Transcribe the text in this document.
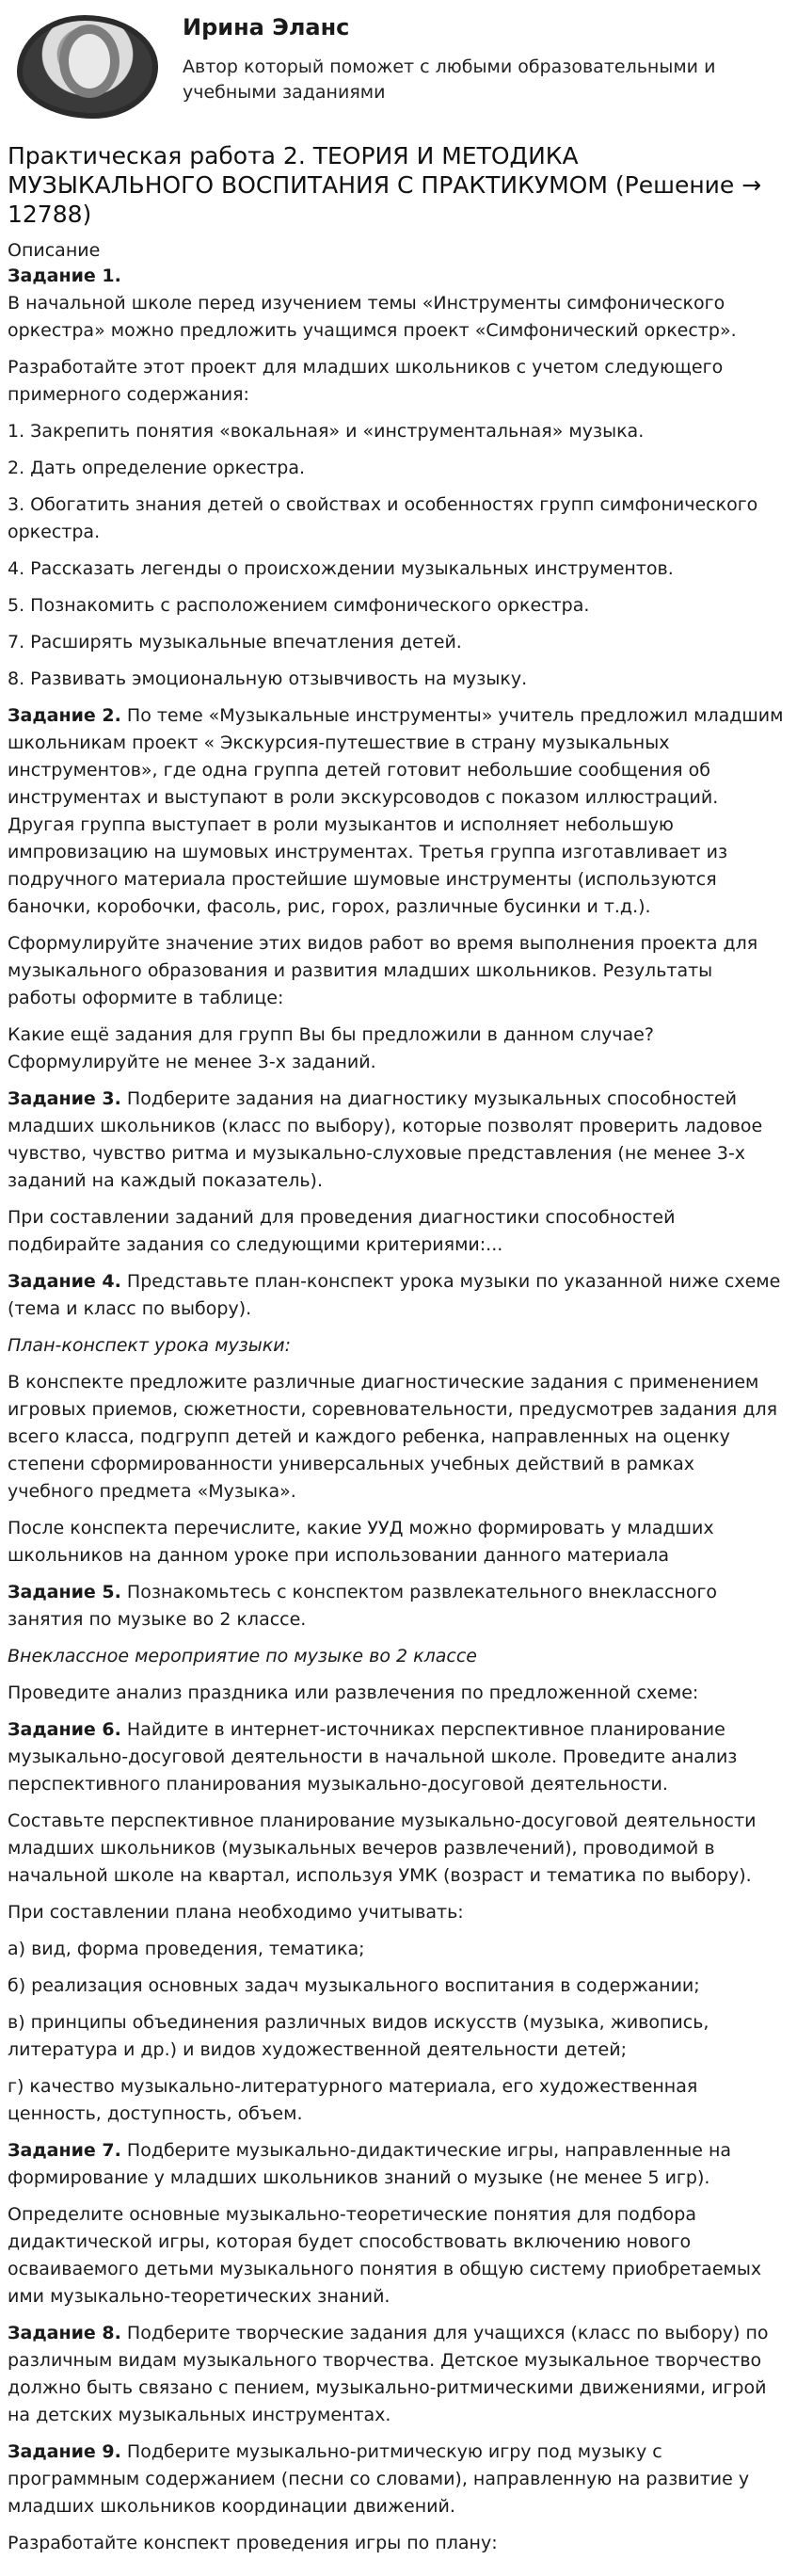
Ирина Эланс
Автор который поможет с любыми образовательными и учебными заданиями
Практическая работа 2. ТЕОРИЯ И МЕТОДИКА МУЗЫКАЛЬНОГО ВОСПИТАНИЯ С ПРАКТИКУМОМ (Решение → 12788)
Описание

Задание 1.

В начальной школе перед изучением темы «Инструменты симфонического оркестра» можно предложить учащимся проект «Симфонический оркестр».

Разработайте этот проект для младших школьников с учетом следующего примерного содержания:

1. Закрепить понятия «вокальная» и «инструментальная» музыка.

2. Дать определение оркестра.

3. Обогатить знания детей о свойствах и особенностях групп симфонического оркестра.

4. Рассказать легенды о происхождении музыкальных инструментов.

5. Познакомить с расположением симфонического оркестра.

7. Расширять музыкальные впечатления детей.

8. Развивать эмоциональную отзывчивость на музыку.

Задание 2. По теме «Музыкальные инструменты» учитель предложил младшим школьникам проект « Экскурсия-путешествие в страну музыкальных инструментов», где одна группа детей готовит небольшие сообщения об инструментах и выступают в роли экскурсоводов с показом иллюстраций. Другая группа выступает в роли музыкантов и исполняет небольшую импровизацию на шумовых инструментах. Третья группа изготавливает из подручного материала простейшие шумовые инструменты (используются баночки, коробочки, фасоль, рис, горох, различные бусинки и т.д.).

Сформулируйте значение этих видов работ во время выполнения проекта для музыкального образования и развития младших школьников. Результаты работы оформите в таблице:

Какие ещё задания для групп Вы бы предложили в данном случае? Сформулируйте не менее 3-х заданий.

Задание 3. Подберите задания на диагностику музыкальных способностей младших школьников (класс по выбору), которые позволят проверить ладовое чувство, чувство ритма и музыкально-слуховые представления (не менее 3-х заданий на каждый показатель).

При составлении заданий для проведения диагностики способностей подбирайте задания со следующими критериями:...

Задание 4. Представьте план-конспект урока музыки по указанной ниже схеме (тема и класс по выбору).

План-конспект урока музыки:

В конспекте предложите различные диагностические задания с применением игровых приемов, сюжетности, соревновательности, предусмотрев задания для всего класса, подгрупп детей и каждого ребенка, направленных на оценку степени сформированности универсальных учебных действий в рамках учебного предмета «Музыка».

После конспекта перечислите, какие УУД можно формировать у младших школьников на данном уроке при использовании данного материала

Задание 5. Познакомьтесь с конспектом развлекательного внеклассного занятия по музыке во 2 классе.

Внеклассное мероприятие по музыке во 2 классе

Проведите анализ праздника или развлечения по предложенной схеме:

Задание 6. Найдите в интернет-источниках перспективное планирование музыкально-досуговой деятельности в начальной школе. Проведите анализ перспективного планирования музыкально-досуговой деятельности.

Составьте перспективное планирование музыкально-досуговой деятельности младших школьников (музыкальных вечеров развлечений), проводимой в начальной школе на квартал, используя УМК (возраст и тематика по выбору).

При составлении плана необходимо учитывать:

а) вид, форма проведения, тематика;

б) реализация основных задач музыкального воспитания в содержании;

в) принципы объединения различных видов искусств (музыка, живопись, литература и др.) и видов художественной деятельности детей;

г) качество музыкально-литературного материала, его художественная ценность, доступность, объем.

Задание 7. Подберите музыкально-дидактические игры, направленные на формирование у младших школьников знаний о музыке (не менее 5 игр).

Определите основные музыкально-теоретические понятия для подбора дидактической игры, которая будет способствовать включению нового осваиваемого детьми музыкального понятия в общую систему приобретаемых ими музыкально-теоретических знаний.

Задание 8. Подберите творческие задания для учащихся (класс по выбору) по различным видам музыкального творчества. Детское музыкальное творчество должно быть связано с пением, музыкально-ритмическими движениями, игрой на детских музыкальных инструментах.

Задание 9. Подберите музыкально-ритмическую игру под музыку с программным содержанием (песни со словами), направленную на развитие у младших школьников координации движений.

Разработайте конспект проведения игры по плану:
